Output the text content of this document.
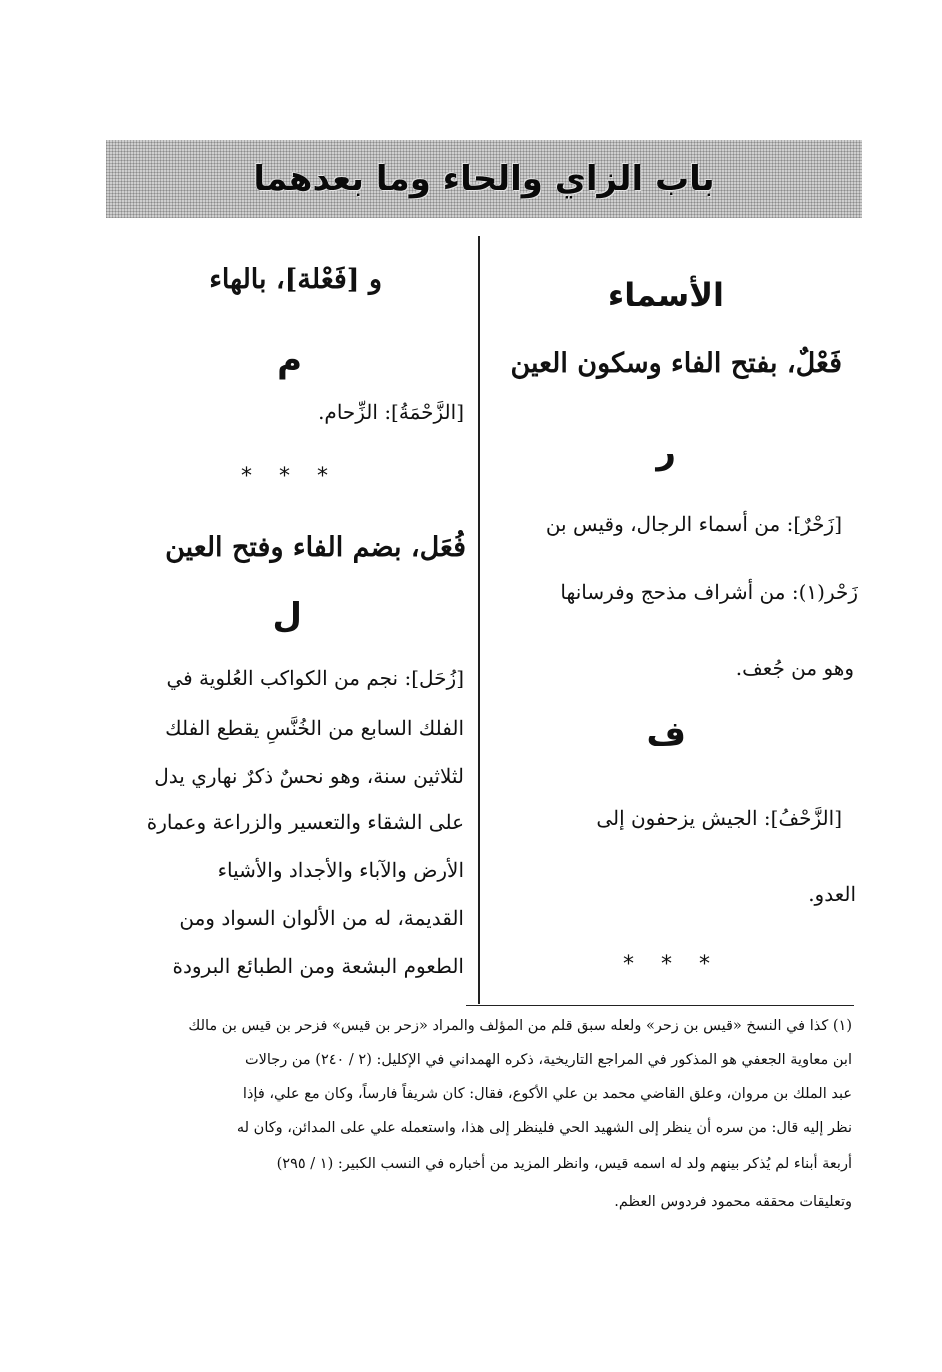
باب الزاي والحاء وما بعدهما
الأسماء
فَعْلٌ، بفتح الفاء وسكون العين
ر
[زَحْرٌ]: من أسماء الرجال، وقيس بن
زَحْر(١): من أشراف مذحج وفرسانها
وهو من جُعف.
ف
[الزَّحْفُ]: الجيش يزحفون إلى
العدو.
* * *
و [فَعْلة]، بالهاء
م
[الزَّحْمَةُ]: الزِّحام.
* * *
فُعَل، بضم الفاء وفتح العين
ل
[زُحَل]: نجم من الكواكب العُلوية في
الفلك السابع من الخُنَّسِ يقطع الفلك
لثلاثين سنة، وهو نحسٌ ذكرٌ نهاري يدل
على الشقاء والتعسير والزراعة وعمارة
الأرض والآباء والأجداد والأشياء
القديمة، له من الألوان السواد ومن
الطعوم البشعة ومن الطبائع البرودة
(١) كذا في النسخ «قيس بن زحر» ولعله سبق قلم من المؤلف والمراد «زحر بن قيس» فزحر بن قيس بن مالك
ابن معاوية الجعفي هو المذكور في المراجع التاريخية، ذكره الهمداني في الإكليل: (٢ / ٢٤٠) من رجالات
عبد الملك بن مروان، وعلق القاضي محمد بن علي الأكوع، فقال: كان شريفاً فارساً، وكان مع علي، فإذا
نظر إليه قال: من سره أن ينظر إلى الشهيد الحي فلينظر إلى هذا، واستعمله علي على المدائن، وكان له
أربعة أبناء لم يُذكر بينهم ولد له اسمه قيس، وانظر المزيد من أخباره في النسب الكبير: (١ / ٢٩٥)
وتعليقات محققه محمود فردوس العظم.
